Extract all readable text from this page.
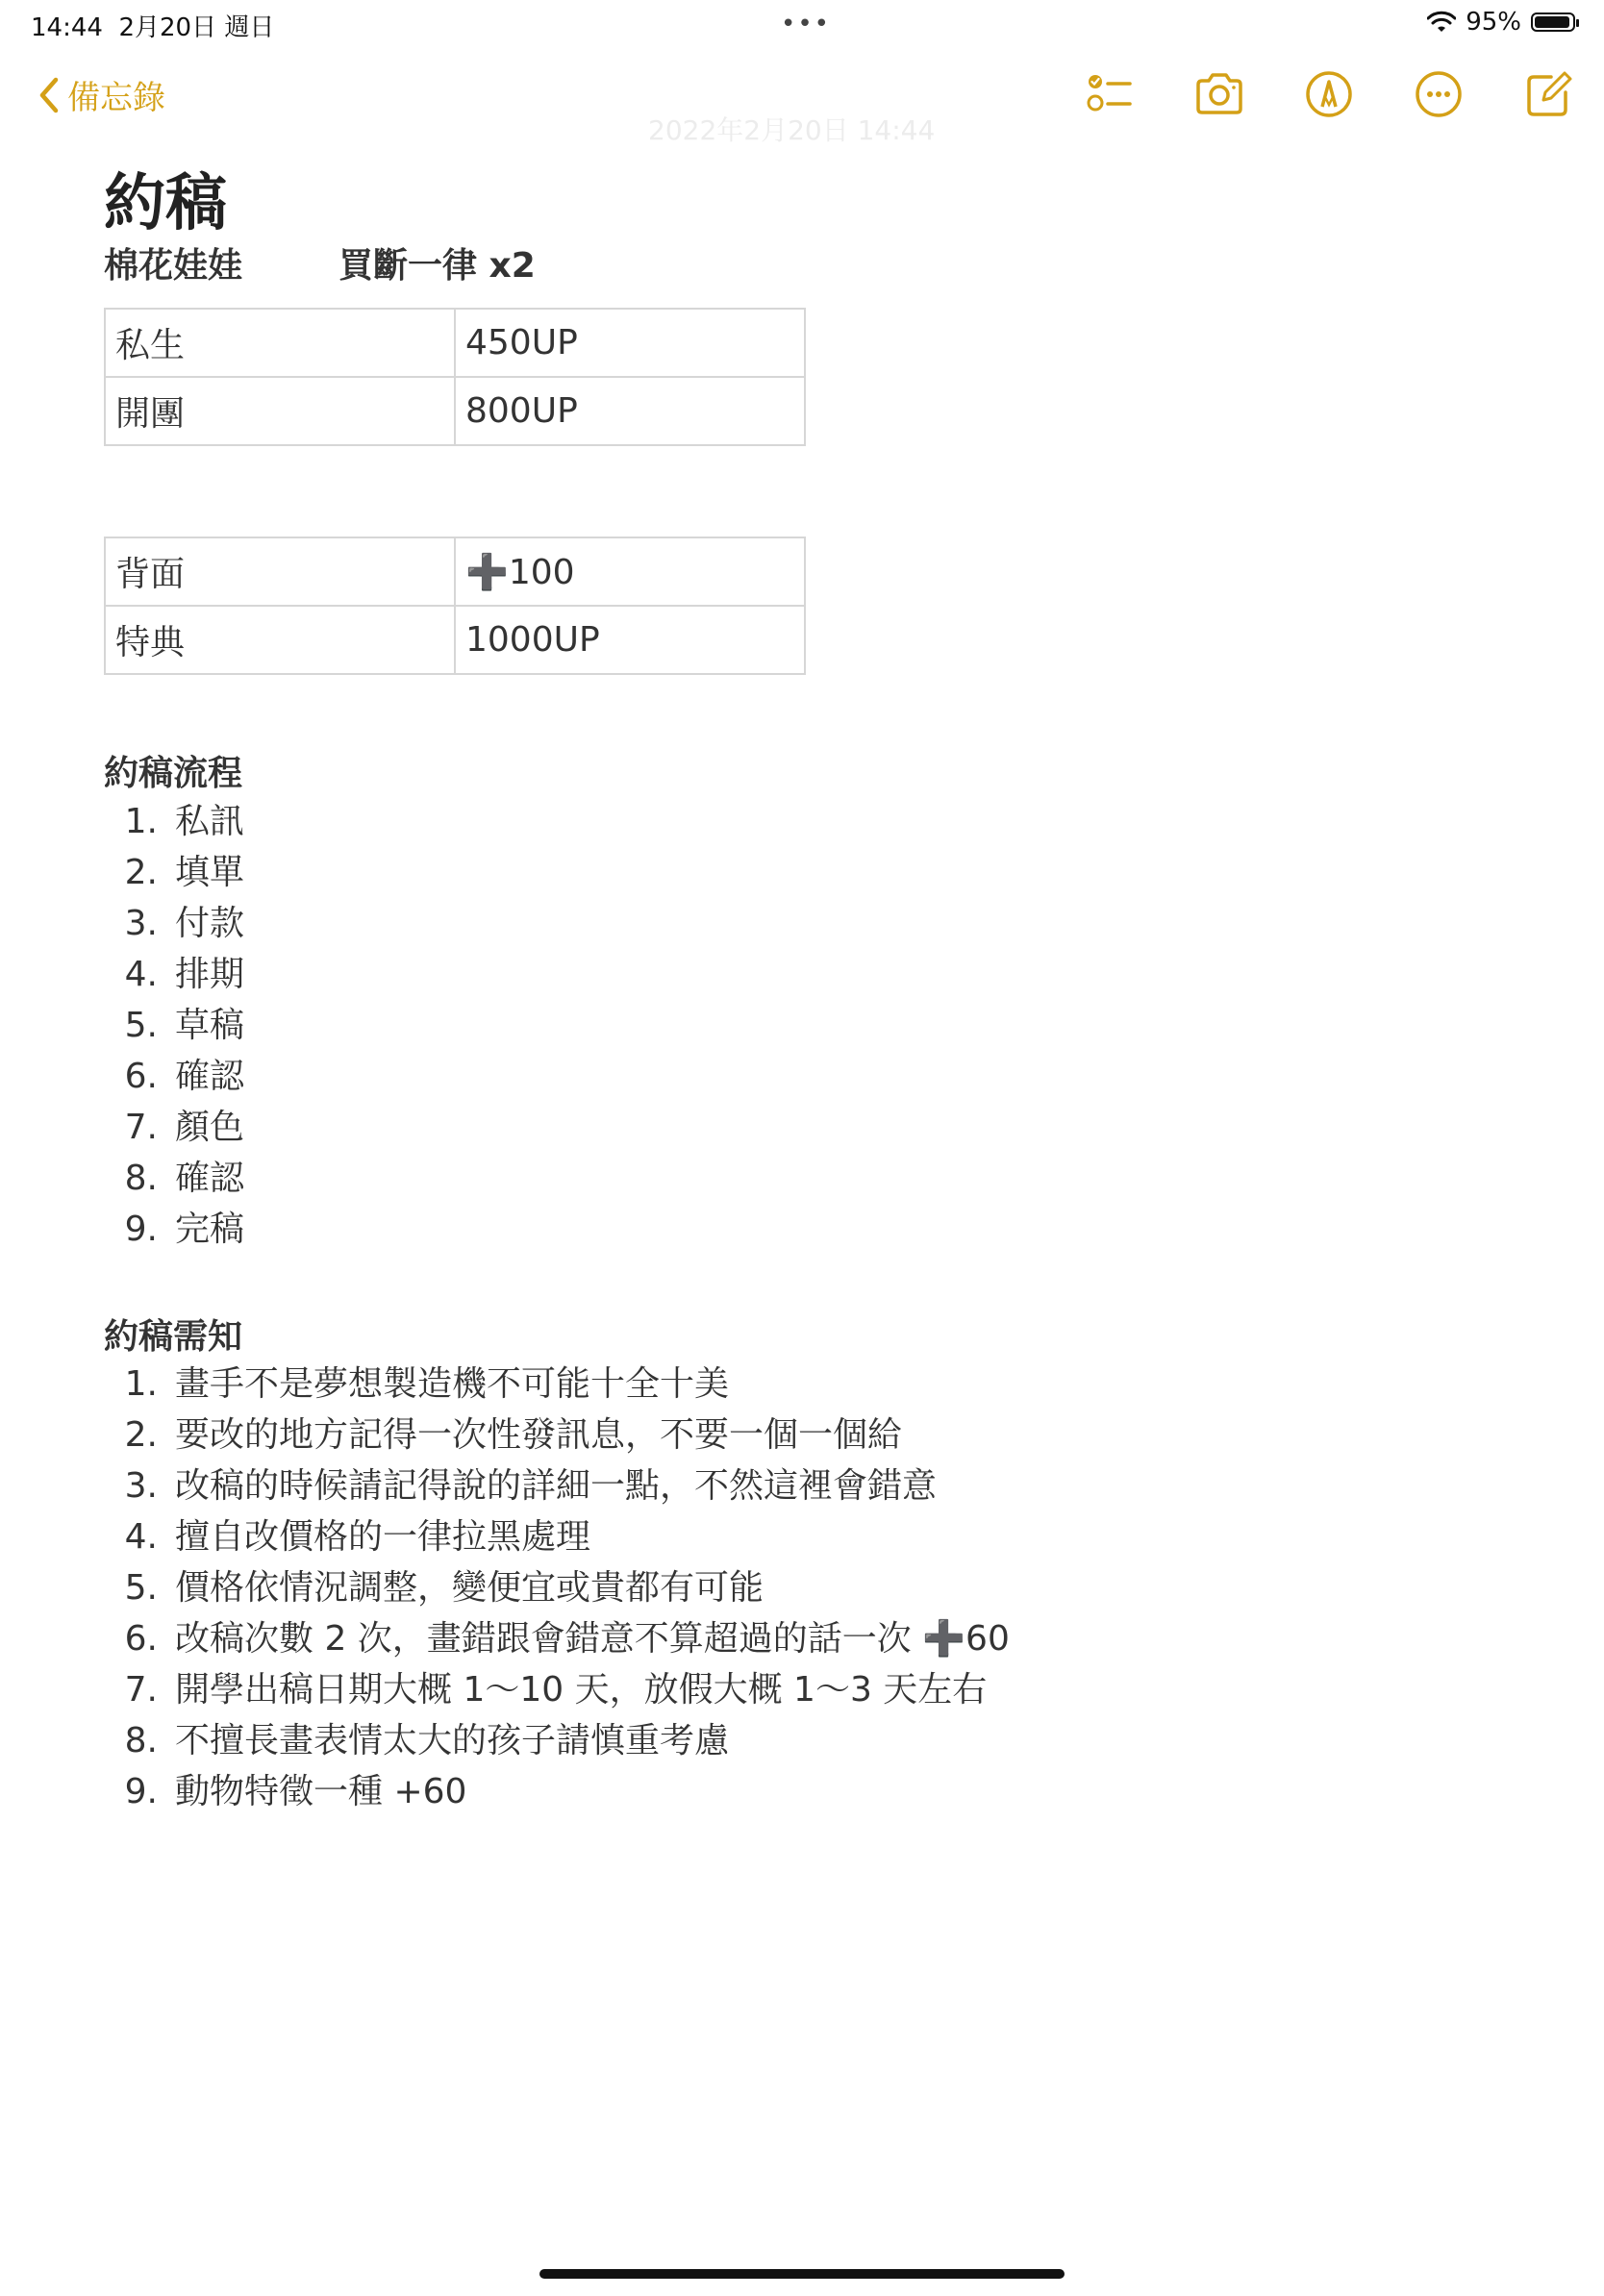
14:44 2月20日 週日	•••	95%
備忘錄
2022年2月20日 14:44
約稿
棉花娃娃	買斷一律 x2
私生	450UP
開團	800UP
背面	➕100
特典	1000UP
約稿流程
1. 私訊
2. 填單
3. 付款
4. 排期
5. 草稿
6. 確認
7. 顏色
8. 確認
9. 完稿
約稿需知
1. 畫手不是夢想製造機不可能十全十美
2. 要改的地方記得一次性發訊息，不要一個一個給
3. 改稿的時候請記得說的詳細一點，不然這裡會錯意
4. 擅自改價格的一律拉黑處理
5. 價格依情況調整，變便宜或貴都有可能
6. 改稿次數 2 次，畫錯跟會錯意不算超過的話一次 ➕60
7. 開學出稿日期大概 1～10 天，放假大概 1～3 天左右
8. 不擅長畫表情太大的孩子請慎重考慮
9. 動物特徵一種 +60
